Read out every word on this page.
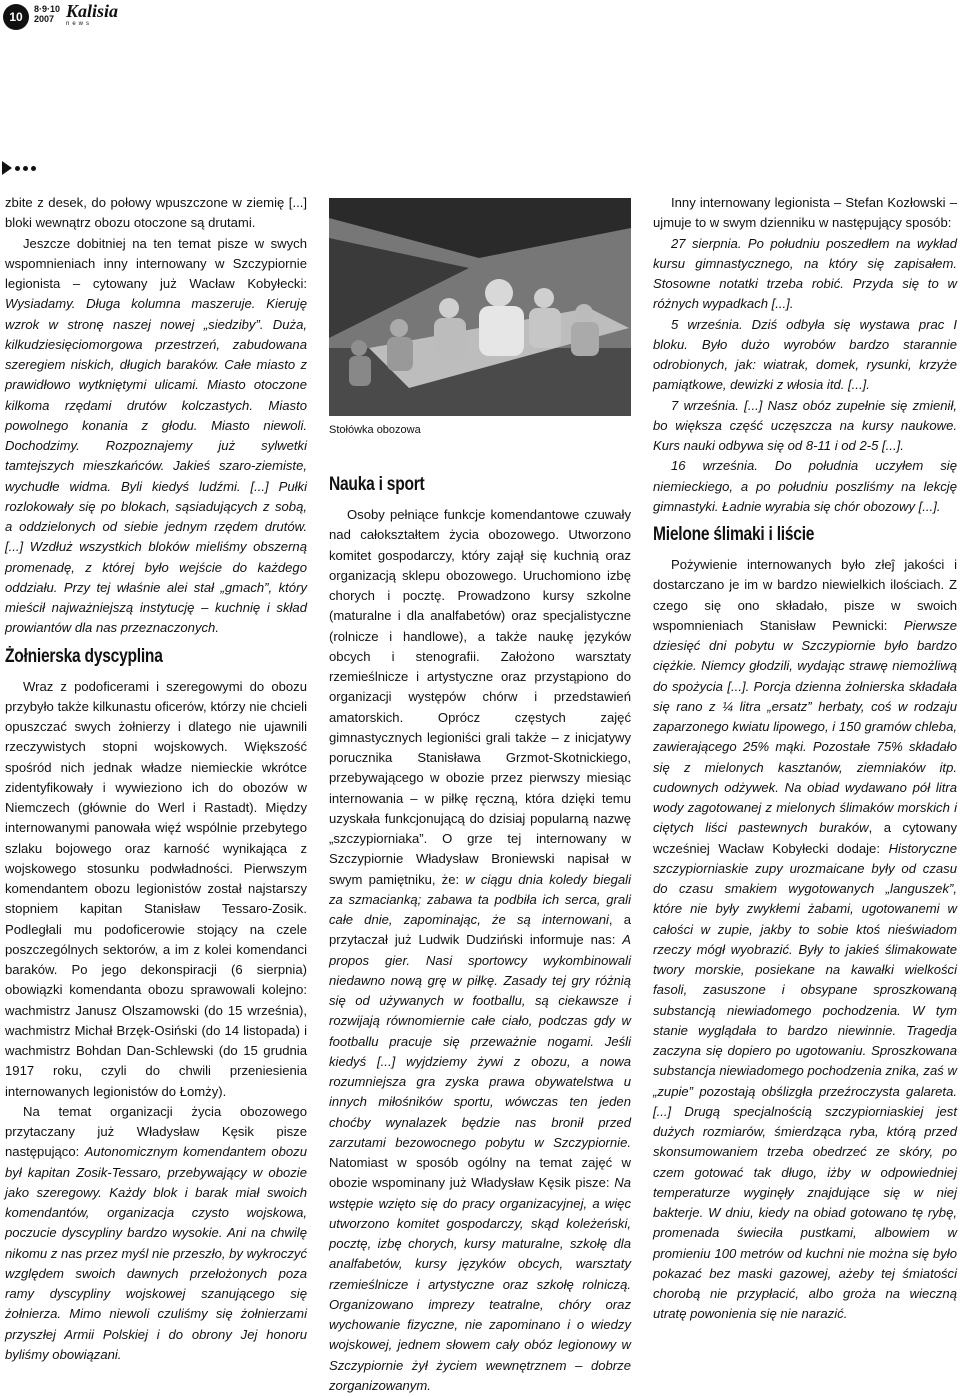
10
8·9·10
2007 Kalisia
news

zbite z desek, do połowy wpuszczone w ziemię [...] bloki wewnątrz obozu otoczone są drutami.

Jeszcze dobitniej na ten temat pisze w swych wspomnieniach inny internowany w Szczypiornie legionista – cytowany już Wacław Kobyłecki: Wysiadamy. Długa kolumna maszeruje. Kieruję wzrok w stronę naszej nowej „siedziby”. Duża, kilkudziesięciomorgowa przestrzeń, zabudowana szeregiem niskich, długich baraków. Całe miasto z prawidłowo wytkniętymi ulicami. Miasto otoczone kilkoma rzędami drutów kolczastych. Miasto powolnego konania z głodu. Miasto niewoli. Dochodzimy. Rozpoznajemy już sylwetki tamtejszych mieszkańców. Jakieś szaro-ziemiste, wychudłe widma. Byli kiedyś ludźmi. [...] Pułki rozlokowały się po blokach, sąsiadujących z sobą, a oddzielonych od siebie jednym rzędem drutów. [...] Wzdłuż wszystkich bloków mieliśmy obszerną promenadę, z której było wejście do każdego oddziału. Przy tej właśnie alei stał „gmach”, który mieścił najważniejszą instytucję – kuchnię i skład prowiantów dla nas przeznaczonych.

Żołnierska dyscyplina

Wraz z podoficerami i szeregowymi do obozu przybyło także kilkunastu oficerów, którzy nie chcieli opuszczać swych żołnierzy i dlatego nie ujawnili rzeczywistych stopni wojskowych. Większość spośród nich jednak władze niemieckie wkrótce zidentyfikowały i wywieziono ich do obozów w Niemczech (głównie do Werl i Rastadt). Między internowanymi panowała więź wspólnie przebytego szlaku bojowego oraz karność wynikająca z wojskowego stosunku podwładności. Pierwszym komendantem obozu legionistów został najstarszy stopniem kapitan Stanisław Tessaro-Zosik. Podległali mu podoficerowie stojący na czele poszczególnych sektorów, a im z kolei komendanci baraków. Po jego dekonspiracji (6 sierpnia) obowiązki komendanta obozu sprawowali kolejno: wachmistrz Janusz Olszamowski (do 15 września), wachmistrz Michał Brzęk-Osiński (do 14 listopada) i wachmistrz Bohdan Dan-Schlewski (do 15 grudnia 1917 roku, czyli do chwili przeniesienia internowanych legionistów do Łomży).

Na temat organizacji życia obozowego przytaczany już Władysław Kęsik pisze następująco: Autonomicznym komendantem obozu był kapitan Zosik-Tessaro, przebywający w obozie jako szeregowy. Każdy blok i barak miał swoich komendantów, organizacja czysto wojskowa, poczucie dyscypliny bardzo wysokie. Ani na chwilę nikomu z nas przez myśl nie przeszło, by wykroczyć względem swoich dawnych przełożonych poza ramy dyscypliny wojskowej szanującego się żołnierza. Mimo niewoli czuliśmy się żołnierzami przyszłej Armii Polskiej i do obrony Jej honoru byliśmy obowiązani.

Stołówka obozowa
Nauka i sport

Osoby pełniące funkcje komendantowe czuwały nad całokształtem życia obozowego. Utworzono komitet gospodarczy, który zajął się kuchnią oraz organizacją sklepu obozowego. Uruchomiono izbę chorych i pocztę. Prowadzono kursy szkolne (maturalne i dla analfabetów) oraz specjalistyczne (rolnicze i handlowe), a także naukę języków obcych i stenografii. Założono warsztaty rzemieślnicze i artystyczne oraz przystąpiono do organizacji występów chórw i przedstawień amatorskich. Oprócz częstych zajęć gimnastycznych legioniści grali także – z inicjatywy porucznika Stanisława Grzmot-Skotnickiego, przebywającego w obozie przez pierwszy miesiąc internowania – w piłkę ręczną, która dzięki temu uzyskała funkcjonującą do dzisiaj popularną nazwę „szczypiorniaka”. O grze tej internowany w Szczypiornie Władysław Broniewski napisał w swym pamiętniku, że: w ciągu dnia koledy biegali za szmacianką; zabawa ta podbiła ich serca, grali całe dnie, zapominając, że są internowani, a przytaczał już Ludwik Dudziński informuje nas: A propos gier. Nasi sportowcy wykombinowali niedawno nową grę w piłkę. Zasady tej gry różnią się od używanych w footballu, są ciekawsze i rozwijają równomiernie całe ciało, podczas gdy w footballu pracuje się przeważnie nogami. Jeśli kiedyś [...] wyjdziemy żywi z obozu, a nowa rozumniejsza gra zyska prawa obywatelstwa u innych miłośników sportu, wówczas ten jeden choćby wynalazek będzie nas bronił przed zarzutami bezowocnego pobytu w Szczypiornie. Natomiast w sposób ogólny na temat zajęć w obozie wspominany już Władysław Kęsik pisze: Na wstępie wzięto się do pracy organizacyjnej, a więc utworzono komitet gospodarczy, skąd koleżeński, pocztę, izbę chorych, kursy maturalne, szkołę dla analfabetów, kursy języków obcych, warsztaty rzemieślnicze i artystyczne oraz szkołę rolniczą. Organizowano imprezy teatralne, chóry oraz wychowanie fizyczne, nie zapominano i o wiedzy wojskowej, jednem słowem cały obóz legionowy w Szczypiornie żył życiem wewnętrznem – dobrze zorganizowanym.

Inny internowany legionista – Stefan Kozłowski – ujmuje to w swym dzienniku w następujący sposób:

27 sierpnia. Po południu poszedłem na wykład kursu gimnastycznego, na który się zapisałem. Stosowne notatki trzeba robić. Przyda się to w różnych wypadkach [...].

5 września. Dziś odbyła się wystawa prac I bloku. Było dużo wyrobów bardzo starannie odrobionych, jak: wiatrak, domek, rysunki, krzyże pamiątkowe, dewizki z włosia itd. [...].

7 września. [...] Nasz obóz zupełnie się zmienił, bo większa część uczęszcza na kursy naukowe. Kurs nauki odbywa się od 8-11 i od 2-5 [...].

16 września. Do południa uczyłem się niemieckiego, a po południu poszliśmy na lekcję gimnastyki. Ładnie wyrabia się chór obozowy [...].

Mielone ślimaki i liście

Pożywienie internowanych było złeĵ jakości i dostarczano je im w bardzo niewielkich ilościach. Z czego się ono składało, pisze w swoich wspomnieniach Stanisław Pewnicki: Pierwsze dziesięć dni pobytu w Szczypiornie było bardzo ciężkie. Niemcy głodzili, wydając strawę niemożliwą do spożycia [...]. Porcja dzienna żołnierska składała się rano z ¼ litra „ersatz” herbaty, coś w rodzaju zaparzonego kwiatu lipowego, i 150 gramów chleba, zawierającego 25% mąki. Pozostałe 75% składało się z mielonych kasztanów, ziemniaków itp. cudownych odżywek. Na obiad wydawano pół litra wody zagotowanej z mielonych ślimaków morskich i ciętych liści pastewnych buraków, a cytowany wcześniej Wacław Kobyłecki dodaje: Historyczne szczypiorniaskie zupy urozmaicane były od czasu do czasu smakiem wygotowanych „languszek”, które nie były zwykłemi żabami, ugotowanemi w całości w zupie, jakby to sobie ktoś nieświadom rzeczy mógł wyobrazić. Były to jakieś ślimakowate twory morskie, posiekane na kawałki wielkości fasoli, zasuszone i obsypane sproszkowaną substancją niewiadomego pochodzenia. W tym stanie wyglądała to bardzo niewinnie. Tragedja zaczyna się dopiero po ugotowaniu. Sproszkowana substancja niewiadomego pochodzenia znika, zaś w „zupie” pozostają obślizgła przeźroczysta galareta. [...] Drugą specjalnością szczypiorniaskiej jest dużych rozmiarów, śmierdząca ryba, którą przed skonsumowaniem trzeba obedrzeć ze skóry, po czem gotować tak długo, iżby w odpowiedniej temperaturze wyginęły znajdujące się w niej bakterje. W dniu, kiedy na obiad gotowano tę rybę, promenada świeciła pustkami, albowiem w promieniu 100 metrów od kuchni nie można się było pokazać bez maski gazowej, ażeby tej śmiatości chorobą nie przypłacić, albo groża na wieczną utratę powonienia się nie narazić.
